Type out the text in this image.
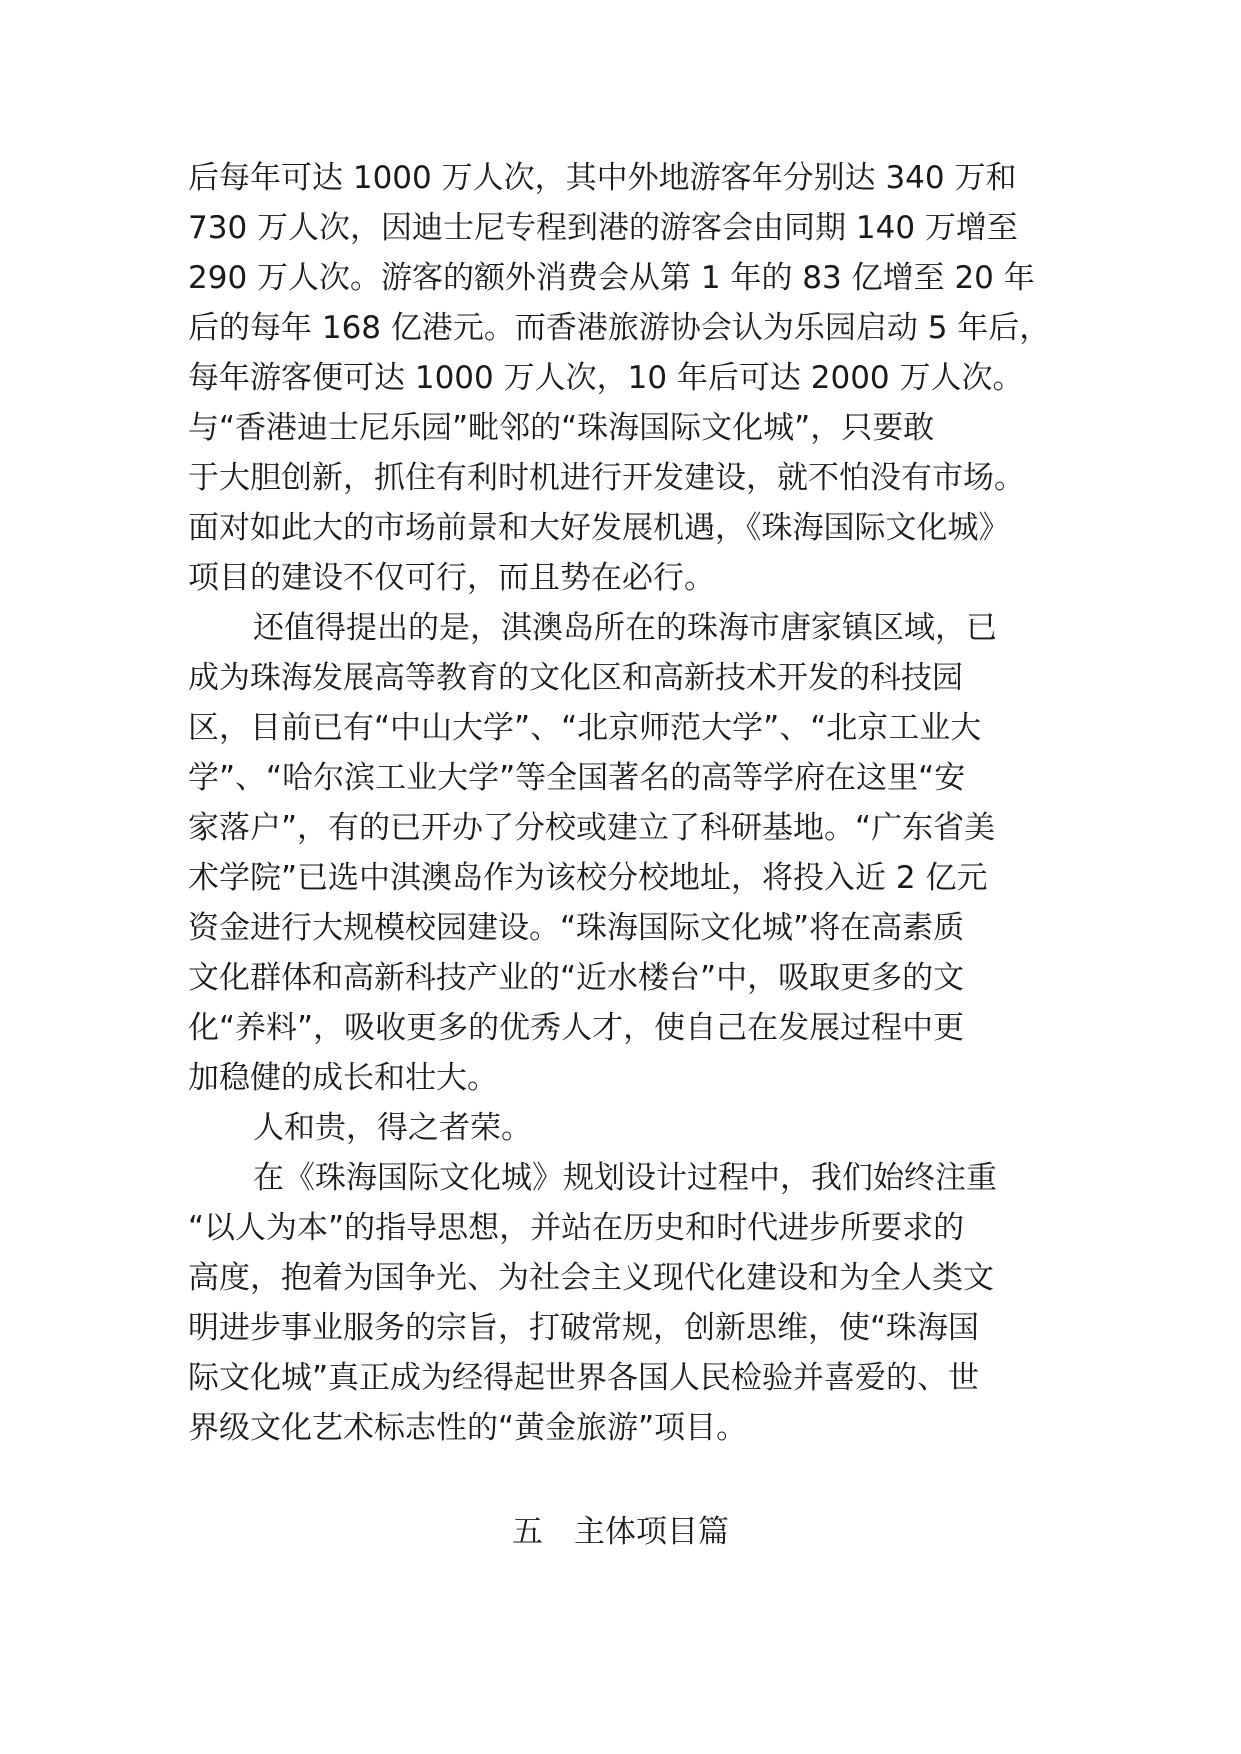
后每年可达 1000 万人次，其中外地游客年分别达 340 万和

730 万人次，因迪士尼专程到港的游客会由同期 140 万增至

290 万人次。游客的额外消费会从第 1 年的 83 亿增至 20 年

后的每年 168 亿港元。而香港旅游协会认为乐园启动 5 年后，

每年游客便可达 1000 万人次，10 年后可达 2000 万人次。

与“香港迪士尼乐园”毗邻的“珠海国际文化城”，只要敢

于大胆创新，抓住有利时机进行开发建设，就不怕没有市场。

面对如此大的市场前景和大好发展机遇，《珠海国际文化城》

项目的建设不仅可行，而且势在必行。

还值得提出的是，淇澳岛所在的珠海市唐家镇区域，已

成为珠海发展高等教育的文化区和高新技术开发的科技园

区，目前已有“中山大学”、“北京师范大学”、“北京工业大

学”、“哈尔滨工业大学”等全国著名的高等学府在这里“安

家落户”，有的已开办了分校或建立了科研基地。“广东省美

术学院”已选中淇澳岛作为该校分校地址，将投入近 2 亿元

资金进行大规模校园建设。“珠海国际文化城”将在高素质

文化群体和高新科技产业的“近水楼台”中，吸取更多的文

化“养料”，吸收更多的优秀人才，使自己在发展过程中更

加稳健的成长和壮大。

人和贵，得之者荣。

在《珠海国际文化城》规划设计过程中，我们始终注重

“以人为本”的指导思想，并站在历史和时代进步所要求的

高度，抱着为国争光、为社会主义现代化建设和为全人类文

明进步事业服务的宗旨，打破常规，创新思维，使“珠海国

际文化城”真正成为经得起世界各国人民检验并喜爱的、世

界级文化艺术标志性的“黄金旅游”项目。

五　主体项目篇
